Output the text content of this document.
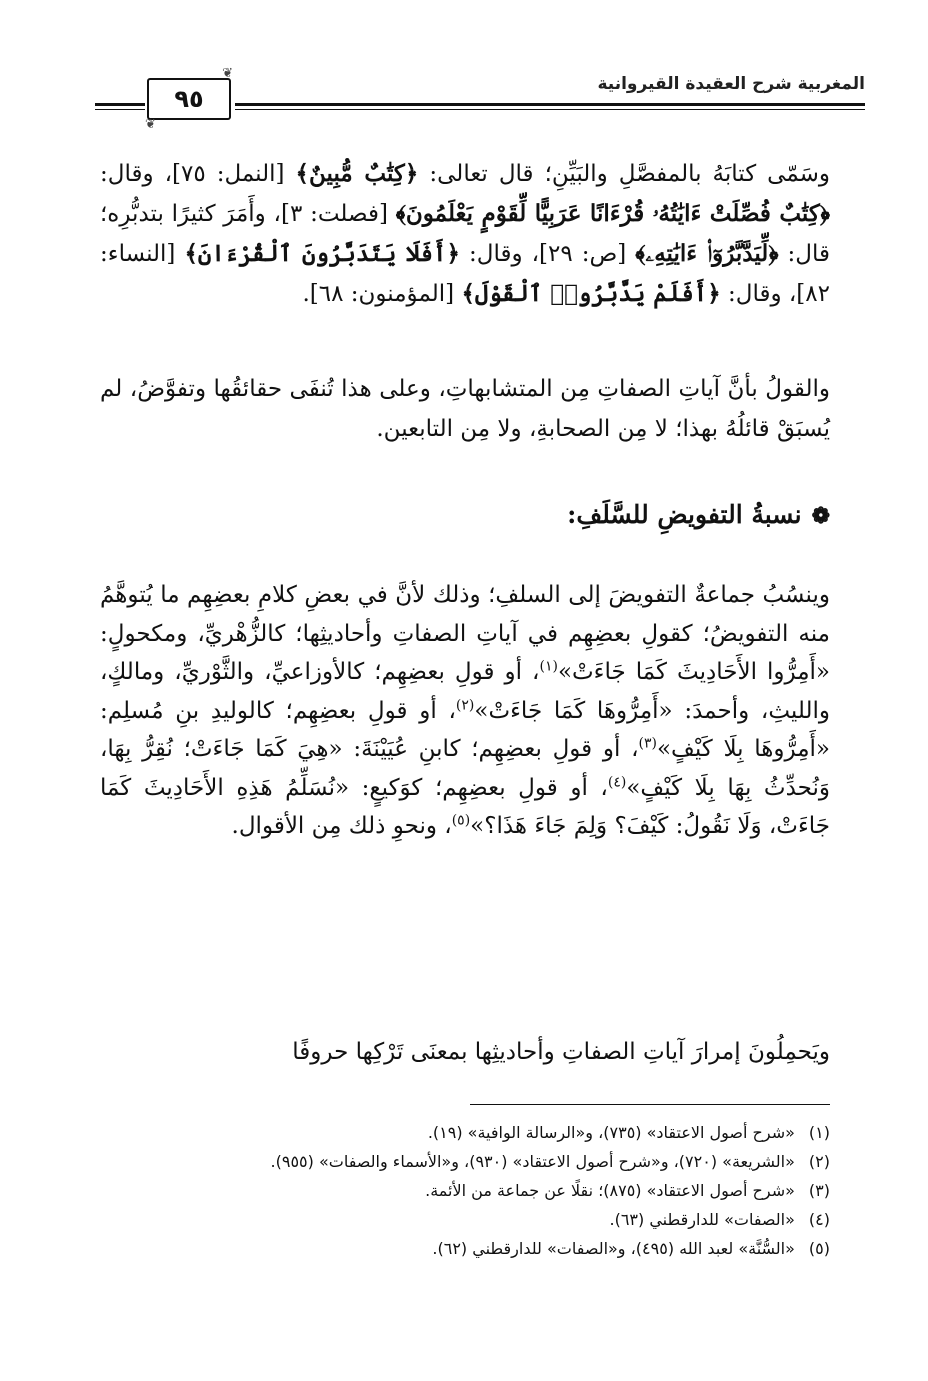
المغربية شرح العقيدة القيروانية
❦
٩٥
❦

وسَمّى كتابَهُ بالمفصَّلِ والبَيِّنِ؛ قال تعالى: ﴿كِتَٰبٌ مُّبِينٌ﴾ [النمل: ٧٥]، وقال: ﴿كِتَٰبٌ فُصِّلَتْ ءَايَٰتُهُۥ قُرْءَانًا عَرَبِيًّا لِّقَوْمٍ يَعْلَمُونَ﴾ [فصلت: ٣]، وأَمَرَ كثيرًا بتدبُّرِه؛ قال: ﴿لِّيَدَّبَّرُوٓا۟ ءَايَٰتِهِۦ﴾ [ص: ٢٩]، وقال: ﴿أَفَلَا يَتَدَبَّرُونَ ٱلْقُرْءَانَ﴾ [النساء: ٨٢]، وقال: ﴿أَفَلَمْ يَدَّبَّرُوا۟ ٱلْقَوْلَ﴾ [المؤمنون: ٦٨].

والقولُ بأنَّ آياتِ الصفاتِ مِن المتشابهاتِ، وعلى هذا تُنفَى حقائقُها وتفوَّضُ، لم يُسبَقْ قائلُهُ بهذا؛ لا مِن الصحابةِ، ولا مِن التابعين.

❁نسبةُ التفويضِ للسَّلَفِ:

وينسُبُ جماعةٌ التفويضَ إلى السلفِ؛ وذلك لأنَّ في بعضِ كلامِ بعضِهِم ما يُتوهَّمُ منه التفويضُ؛ كقولِ بعضِهِم في آياتِ الصفاتِ وأحاديثِها؛ كالزُّهْريِّ، ومكحولٍ: «أَمِرُّوا الأَحَادِيثَ كَمَا جَاءَتْ»$^{(١)}$، أو قولِ بعضِهِم؛ كالأوزاعيِّ، والثَّوْريِّ، ومالكٍ، والليثِ، وأحمدَ: «أَمِرُّوهَا كَمَا جَاءَتْ»$^{(٢)}$، أو قولِ بعضِهِم؛ كالوليدِ بنِ مُسلِم: «أَمِرُّوهَا بِلَا كَيْفٍ»$^{(٣)}$، أو قولِ بعضِهِم؛ كابنِ عُيَيْنَةَ: «هِيَ كَمَا جَاءَتْ؛ نُقِرُّ بِهَا، وَنُحدِّثُ بِهَا بِلَا كَيْفٍ»$^{(٤)}$، أو قولِ بعضِهِم؛ كوَكيعٍ: «نُسَلِّمُ هَذِهِ الأَحَادِيثَ كَمَا جَاءَتْ، وَلَا نَقُولُ: كَيْفَ؟ وَلِمَ جَاءَ هَذَا؟»$^{(٥)}$، ونحوِ ذلك مِن الأقوال.

ويَحمِلُونَ إمرارَ آياتِ الصفاتِ وأحاديثِها بمعنَى تَرْكِها حروفًا

(١)«شرح أصول الاعتقاد» (٧٣٥)، و«الرسالة الوافية» (١٩).

(٢)«الشريعة» (٧٢٠)، و«شرح أصول الاعتقاد» (٩٣٠)، و«الأسماء والصفات» (٩٥٥).

(٣)«شرح أصول الاعتقاد» (٨٧٥)؛ نقلًا عن جماعة من الأئمة.

(٤)«الصفات» للدارقطني (٦٣).

(٥)«السُّنَّة» لعبد الله (٤٩٥)، و«الصفات» للدارقطني (٦٢).
